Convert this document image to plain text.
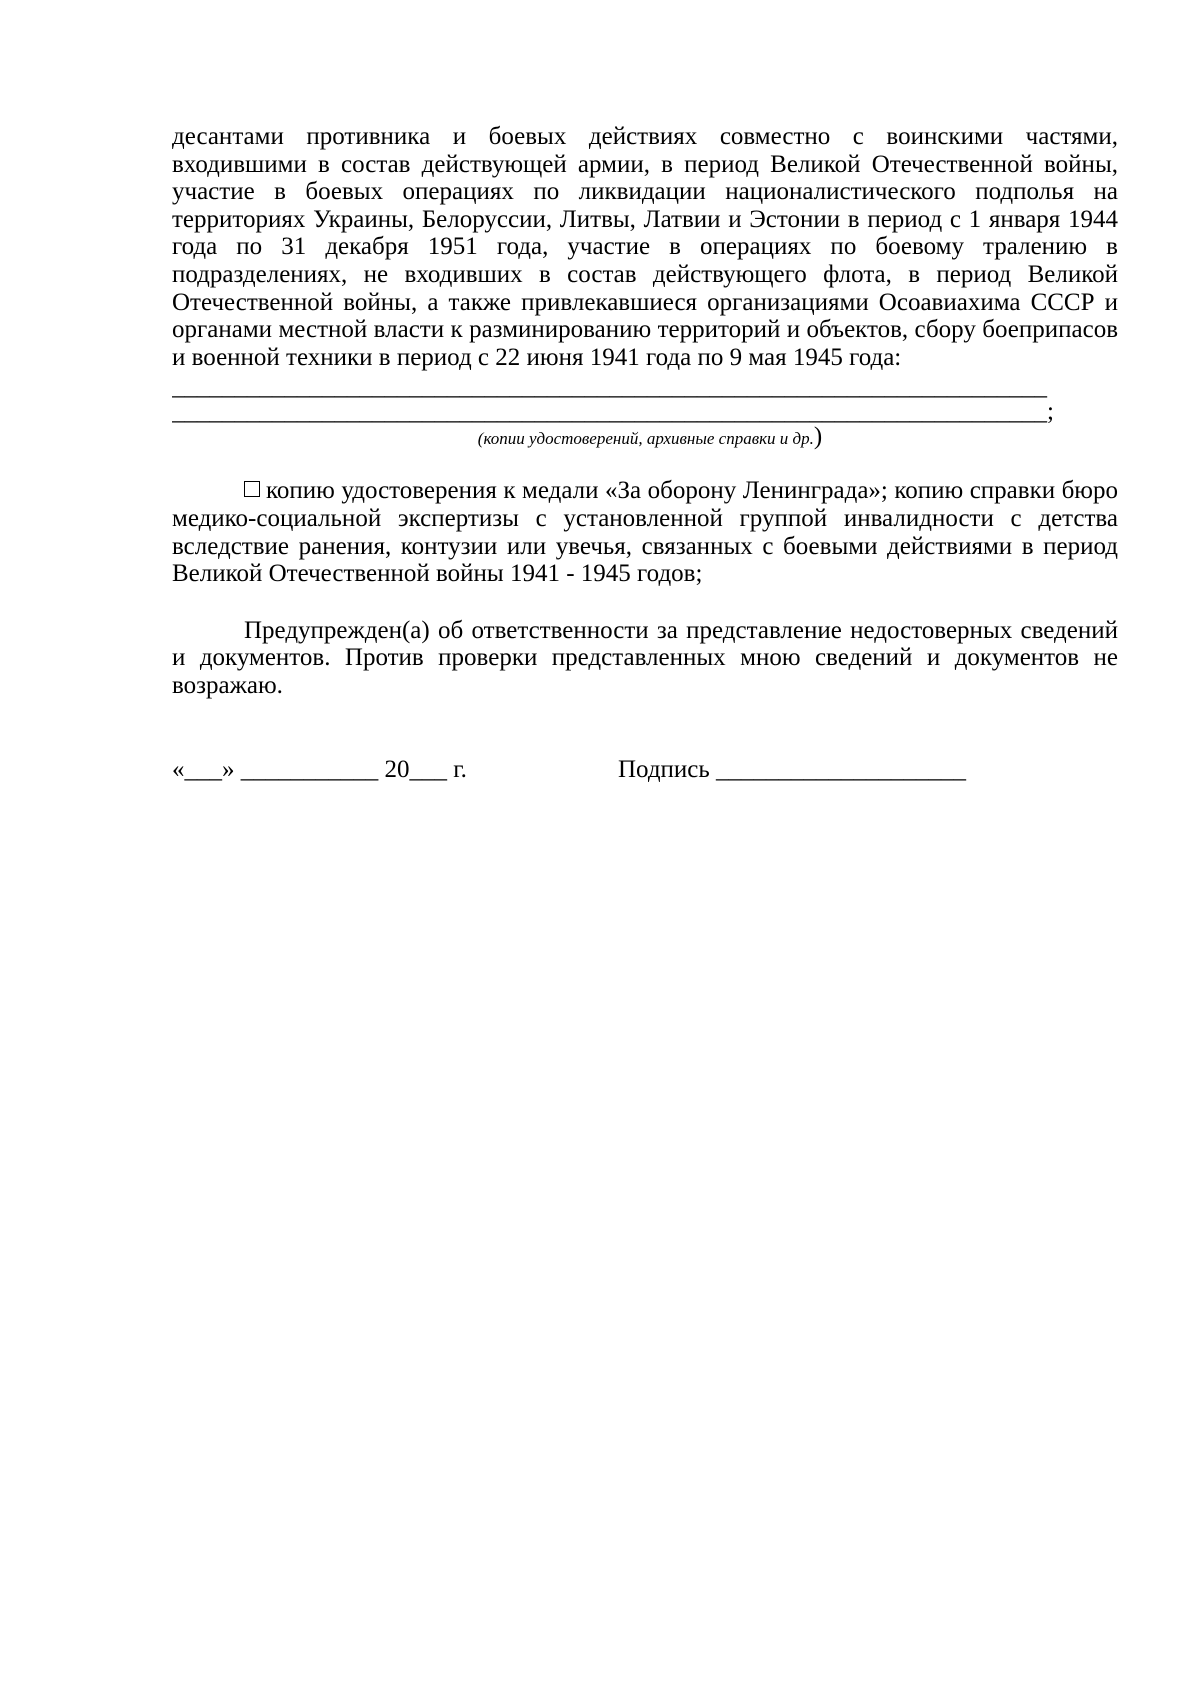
десантами противника и боевых действиях совместно с воинскими частями, входившими в состав действующей армии, в период Великой Отечественной войны, участие в боевых операциях по ликвидации националистического подполья на территориях Украины, Белоруссии, Литвы, Латвии и Эстонии в период с 1 января 1944 года по 31 декабря 1951 года, участие в операциях по боевому тралению в подразделениях, не входивших в состав действующего флота, в период Великой Отечественной войны, а также привлекавшиеся организациями Осоавиахима СССР и органами местной власти к разминированию территорий и объектов, сбору боеприпасов и военной техники в период с 22 июня 1941 года по 9 мая 1945 года:

______________________________________________________________________

______________________________________________________________________;

(копии удостоверений, архивные справки и др.)

копию удостоверения к медали «За оборону Ленинграда»; копию справки бюро медико-социальной экспертизы с установленной группой инвалидности с детства вследствие ранения, контузии или увечья, связанных с боевыми действиями в период Великой Отечественной войны 1941 - 1945 годов;

Предупрежден(а) об ответственности за представление недостоверных сведений и документов. Против проверки представленных мною сведений и документов не возражаю.

«___» ___________ 20___ г.	Подпись ____________________
